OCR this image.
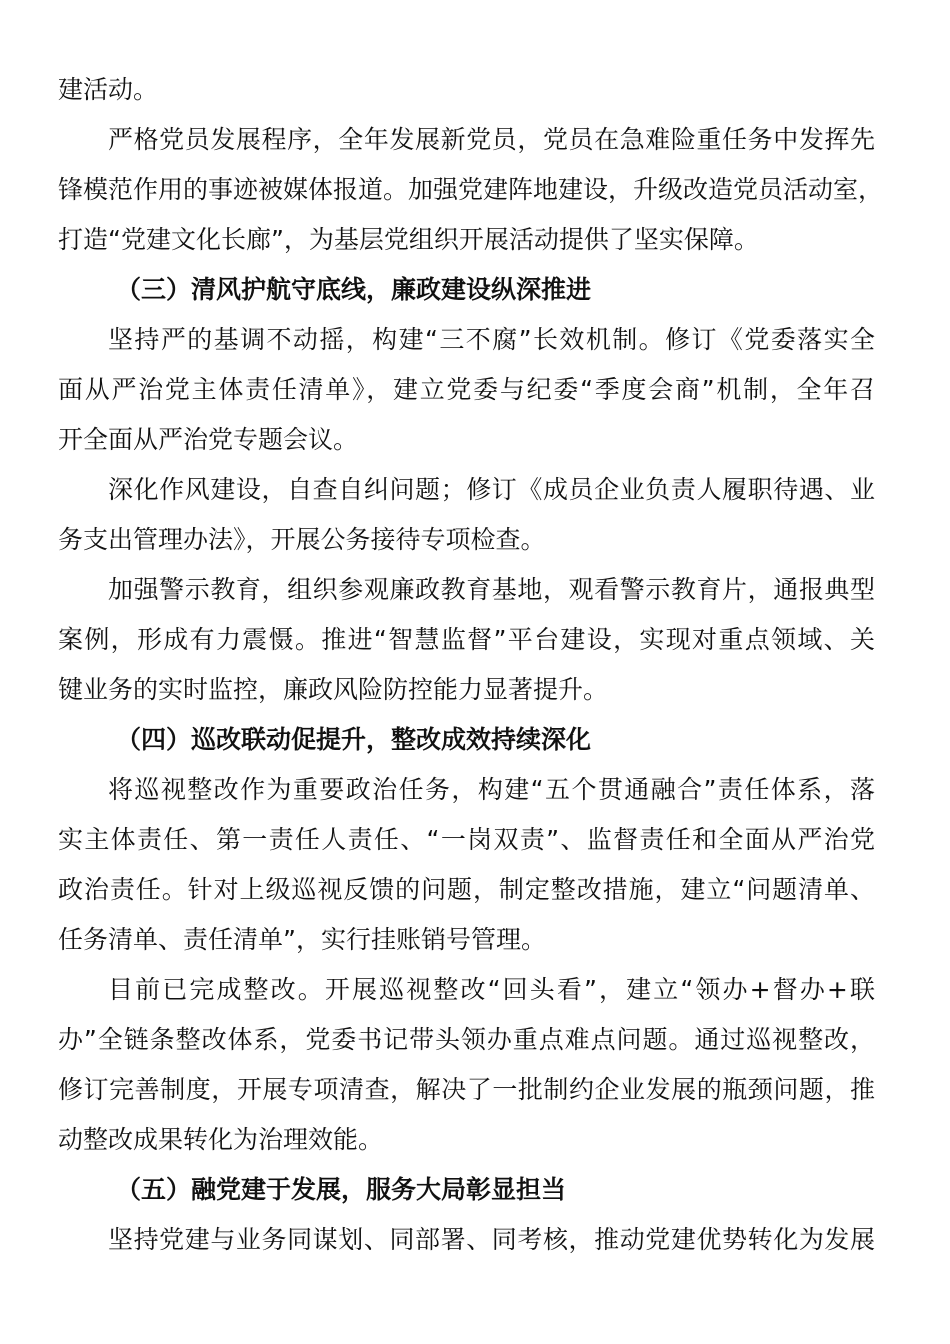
建活动。
严格党员发展程序，全年发展新党员，党员在急难险重任务中发挥先
锋模范作用的事迹被媒体报道。加强党建阵地建设，升级改造党员活动室，
打造“党建文化长廊”，为基层党组织开展活动提供了坚实保障。
（三）清风护航守底线，廉政建设纵深推进
坚持严的基调不动摇，构建“三不腐”长效机制。修订《党委落实全
面从严治党主体责任清单》，建立党委与纪委“季度会商”机制，全年召
开全面从严治党专题会议。
深化作风建设，自查自纠问题；修订《成员企业负责人履职待遇、业
务支出管理办法》，开展公务接待专项检查。
加强警示教育，组织参观廉政教育基地，观看警示教育片，通报典型
案例，形成有力震慑。推进“智慧监督”平台建设，实现对重点领域、关
键业务的实时监控，廉政风险防控能力显著提升。
（四）巡改联动促提升，整改成效持续深化
将巡视整改作为重要政治任务，构建“五个贯通融合”责任体系，落
实主体责任、第一责任人责任、“一岗双责”、监督责任和全面从严治党
政治责任。针对上级巡视反馈的问题，制定整改措施，建立“问题清单、
任务清单、责任清单”，实行挂账销号管理。
目前已完成整改。开展巡视整改“回头看”，建立“领办+督办+联
办”全链条整改体系，党委书记带头领办重点难点问题。通过巡视整改，
修订完善制度，开展专项清查，解决了一批制约企业发展的瓶颈问题，推
动整改成果转化为治理效能。
（五）融党建于发展，服务大局彰显担当
坚持党建与业务同谋划、同部署、同考核，推动党建优势转化为发展
